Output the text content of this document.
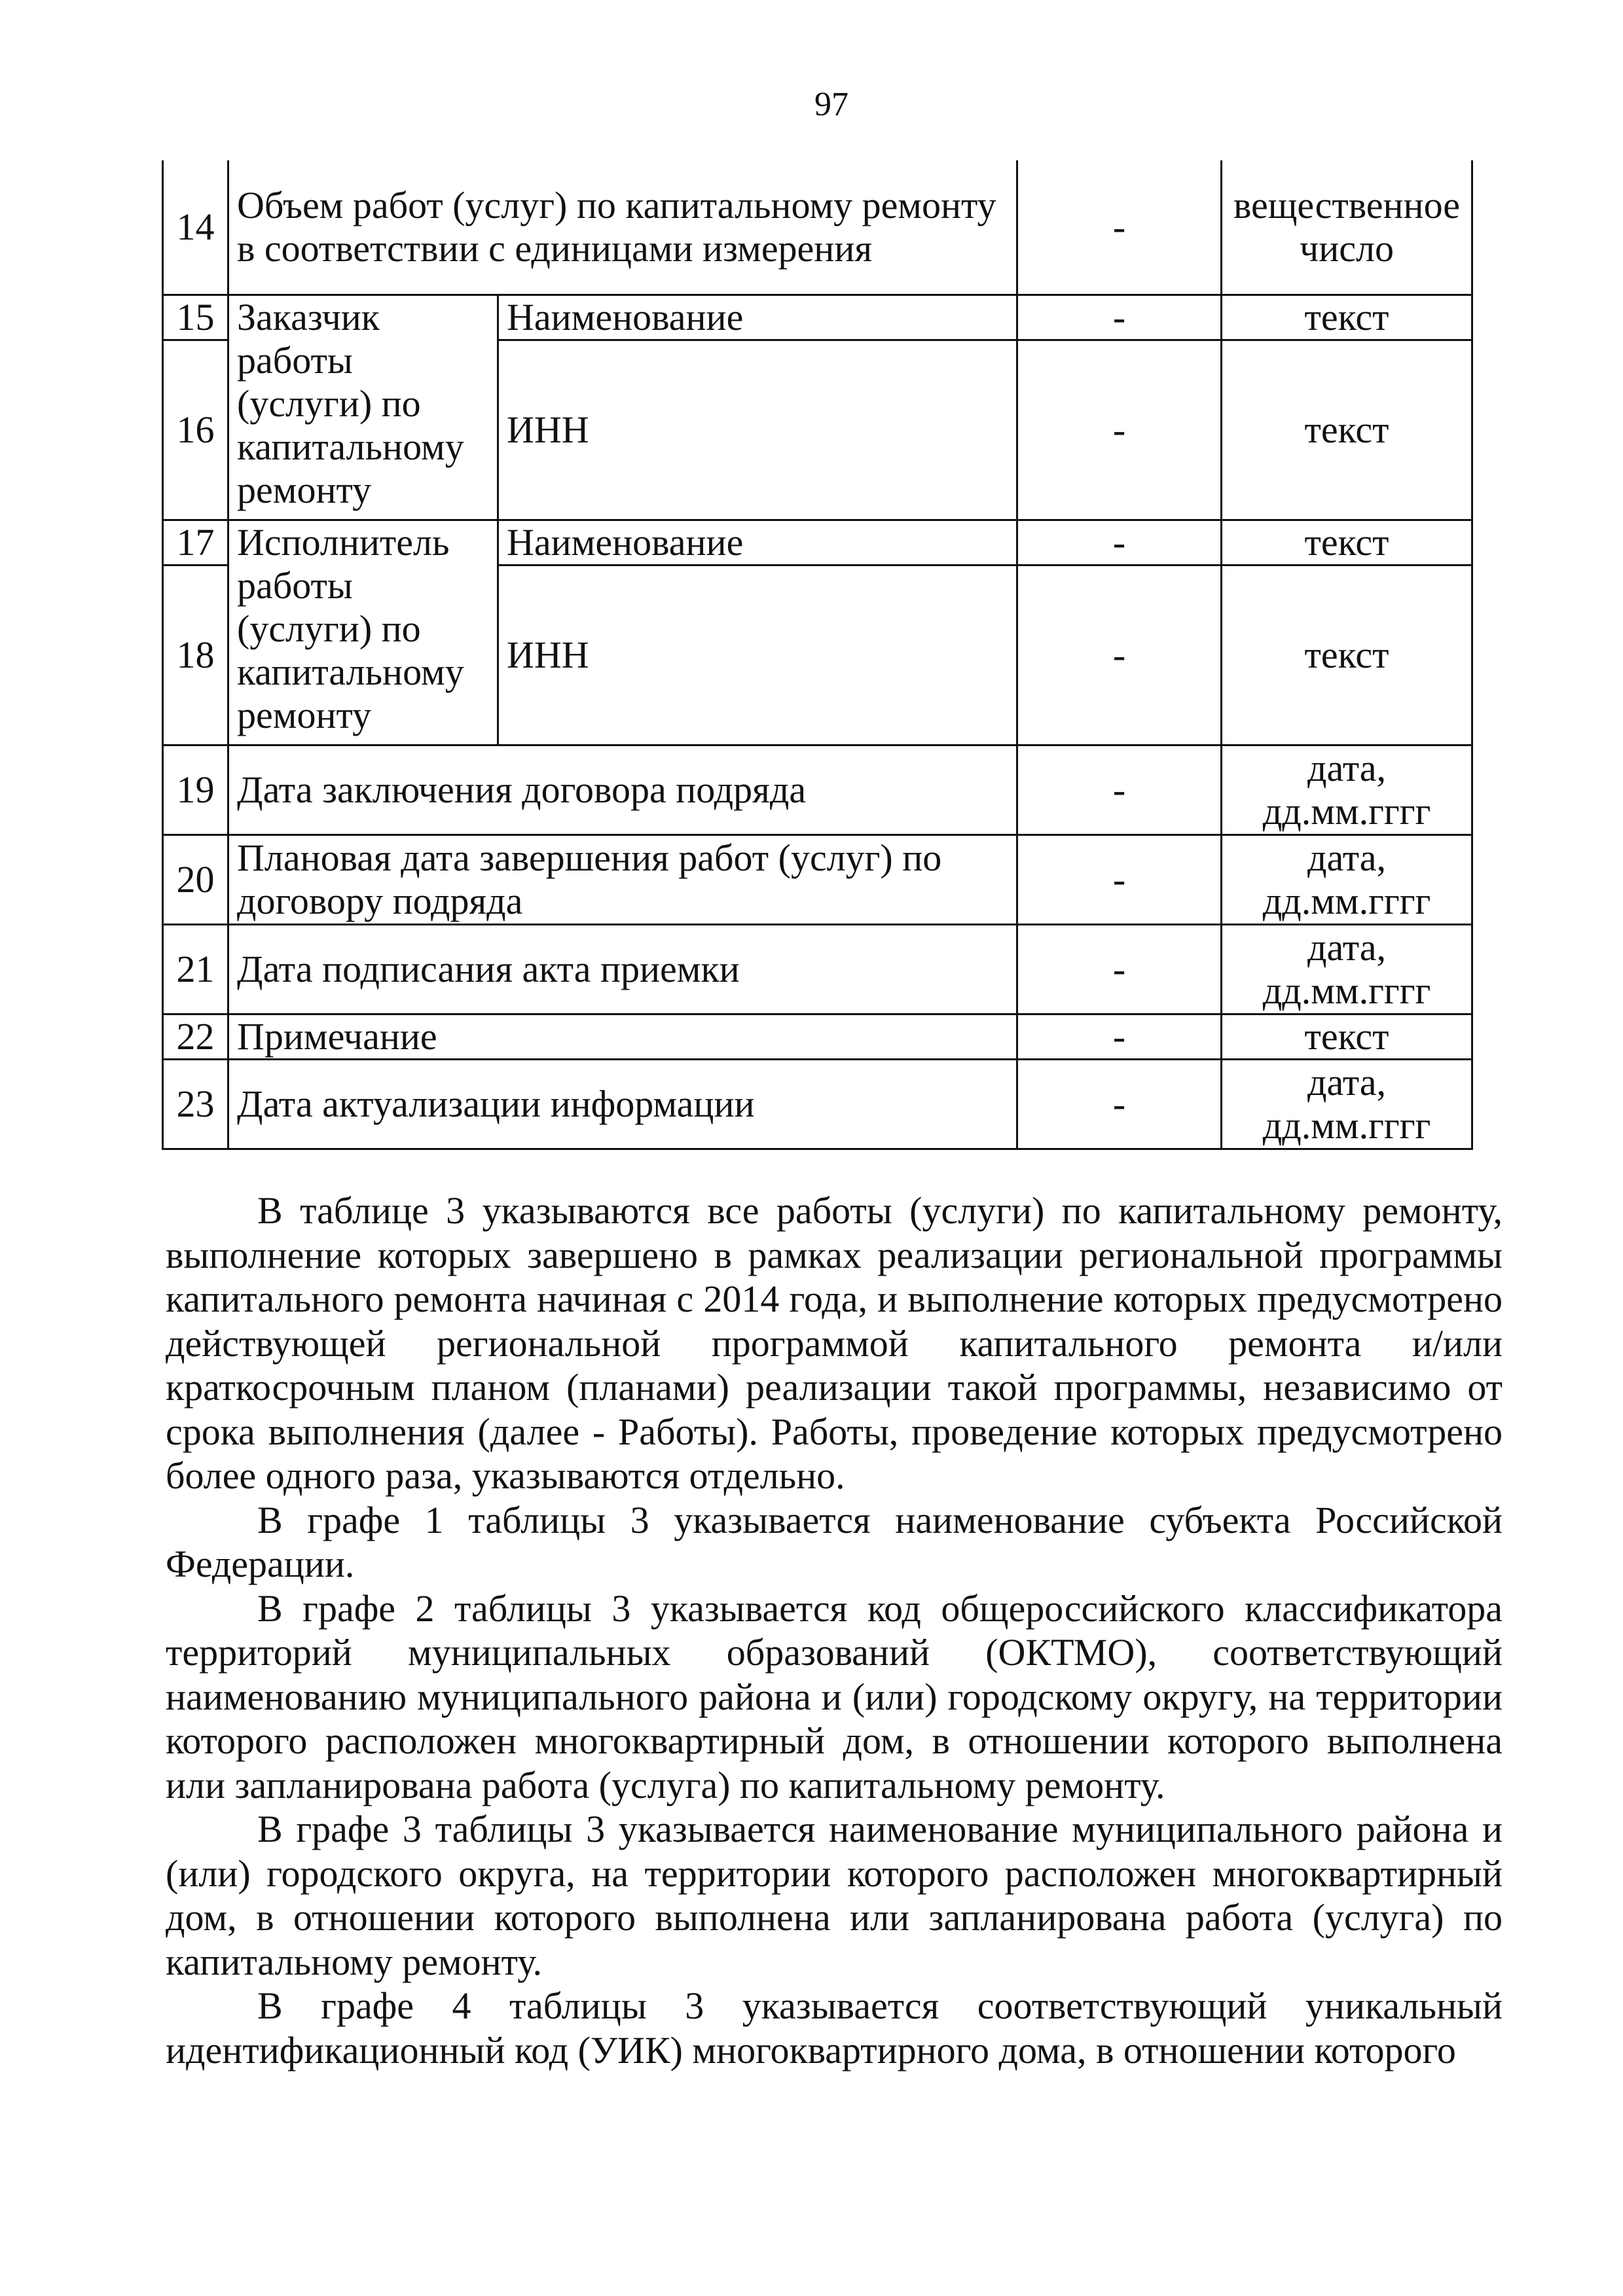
97
14	Объем работ (услуг) по капитальному ремонту в соответствии с единицами измерения		-	вещественное число
15	Заказчик работы (услуги) по капитальному ремонту	Наименование	-	текст
16		ИНН	-	текст
17	Исполнитель работы (услуги) по капитальному ремонту	Наименование	-	текст
18		ИНН	-	текст
19	Дата заключения договора подряда		-	дата, дд.мм.гггг
20	Плановая дата завершения работ (услуг) по договору подряда		-	дата, дд.мм.гггг
21	Дата подписания акта приемки		-	дата, дд.мм.гггг
22	Примечание		-	текст
23	Дата актуализации информации		-	дата, дд.мм.гггг

В таблице 3 указываются все работы (услуги) по капитальному ремонту, выполнение которых завершено в рамках реализации региональной программы капитального ремонта начиная с 2014 года, и выполнение которых предусмотрено действующей региональной программой капитального ремонта и/или краткосрочным планом (планами) реализации такой программы, независимо от срока выполнения (далее - Работы). Работы, проведение которых предусмотрено более одного раза, указываются отдельно.

В графе 1 таблицы 3 указывается наименование субъекта Российской Федерации.

В графе 2 таблицы 3 указывается код общероссийского классификатора территорий муниципальных образований (ОКТМО), соответствующий наименованию муниципального района и (или) городскому округу, на территории которого расположен многоквартирный дом, в отношении которого выполнена или запланирована работа (услуга) по капитальному ремонту.

В графе 3 таблицы 3 указывается наименование муниципального района и (или) городского округа, на территории которого расположен многоквартирный дом, в отношении которого выполнена или запланирована работа (услуга) по капитальному ремонту.

В графе 4 таблицы 3 указывается соответствующий уникальный идентификационный код (УИК) многоквартирного дома, в отношении которого
